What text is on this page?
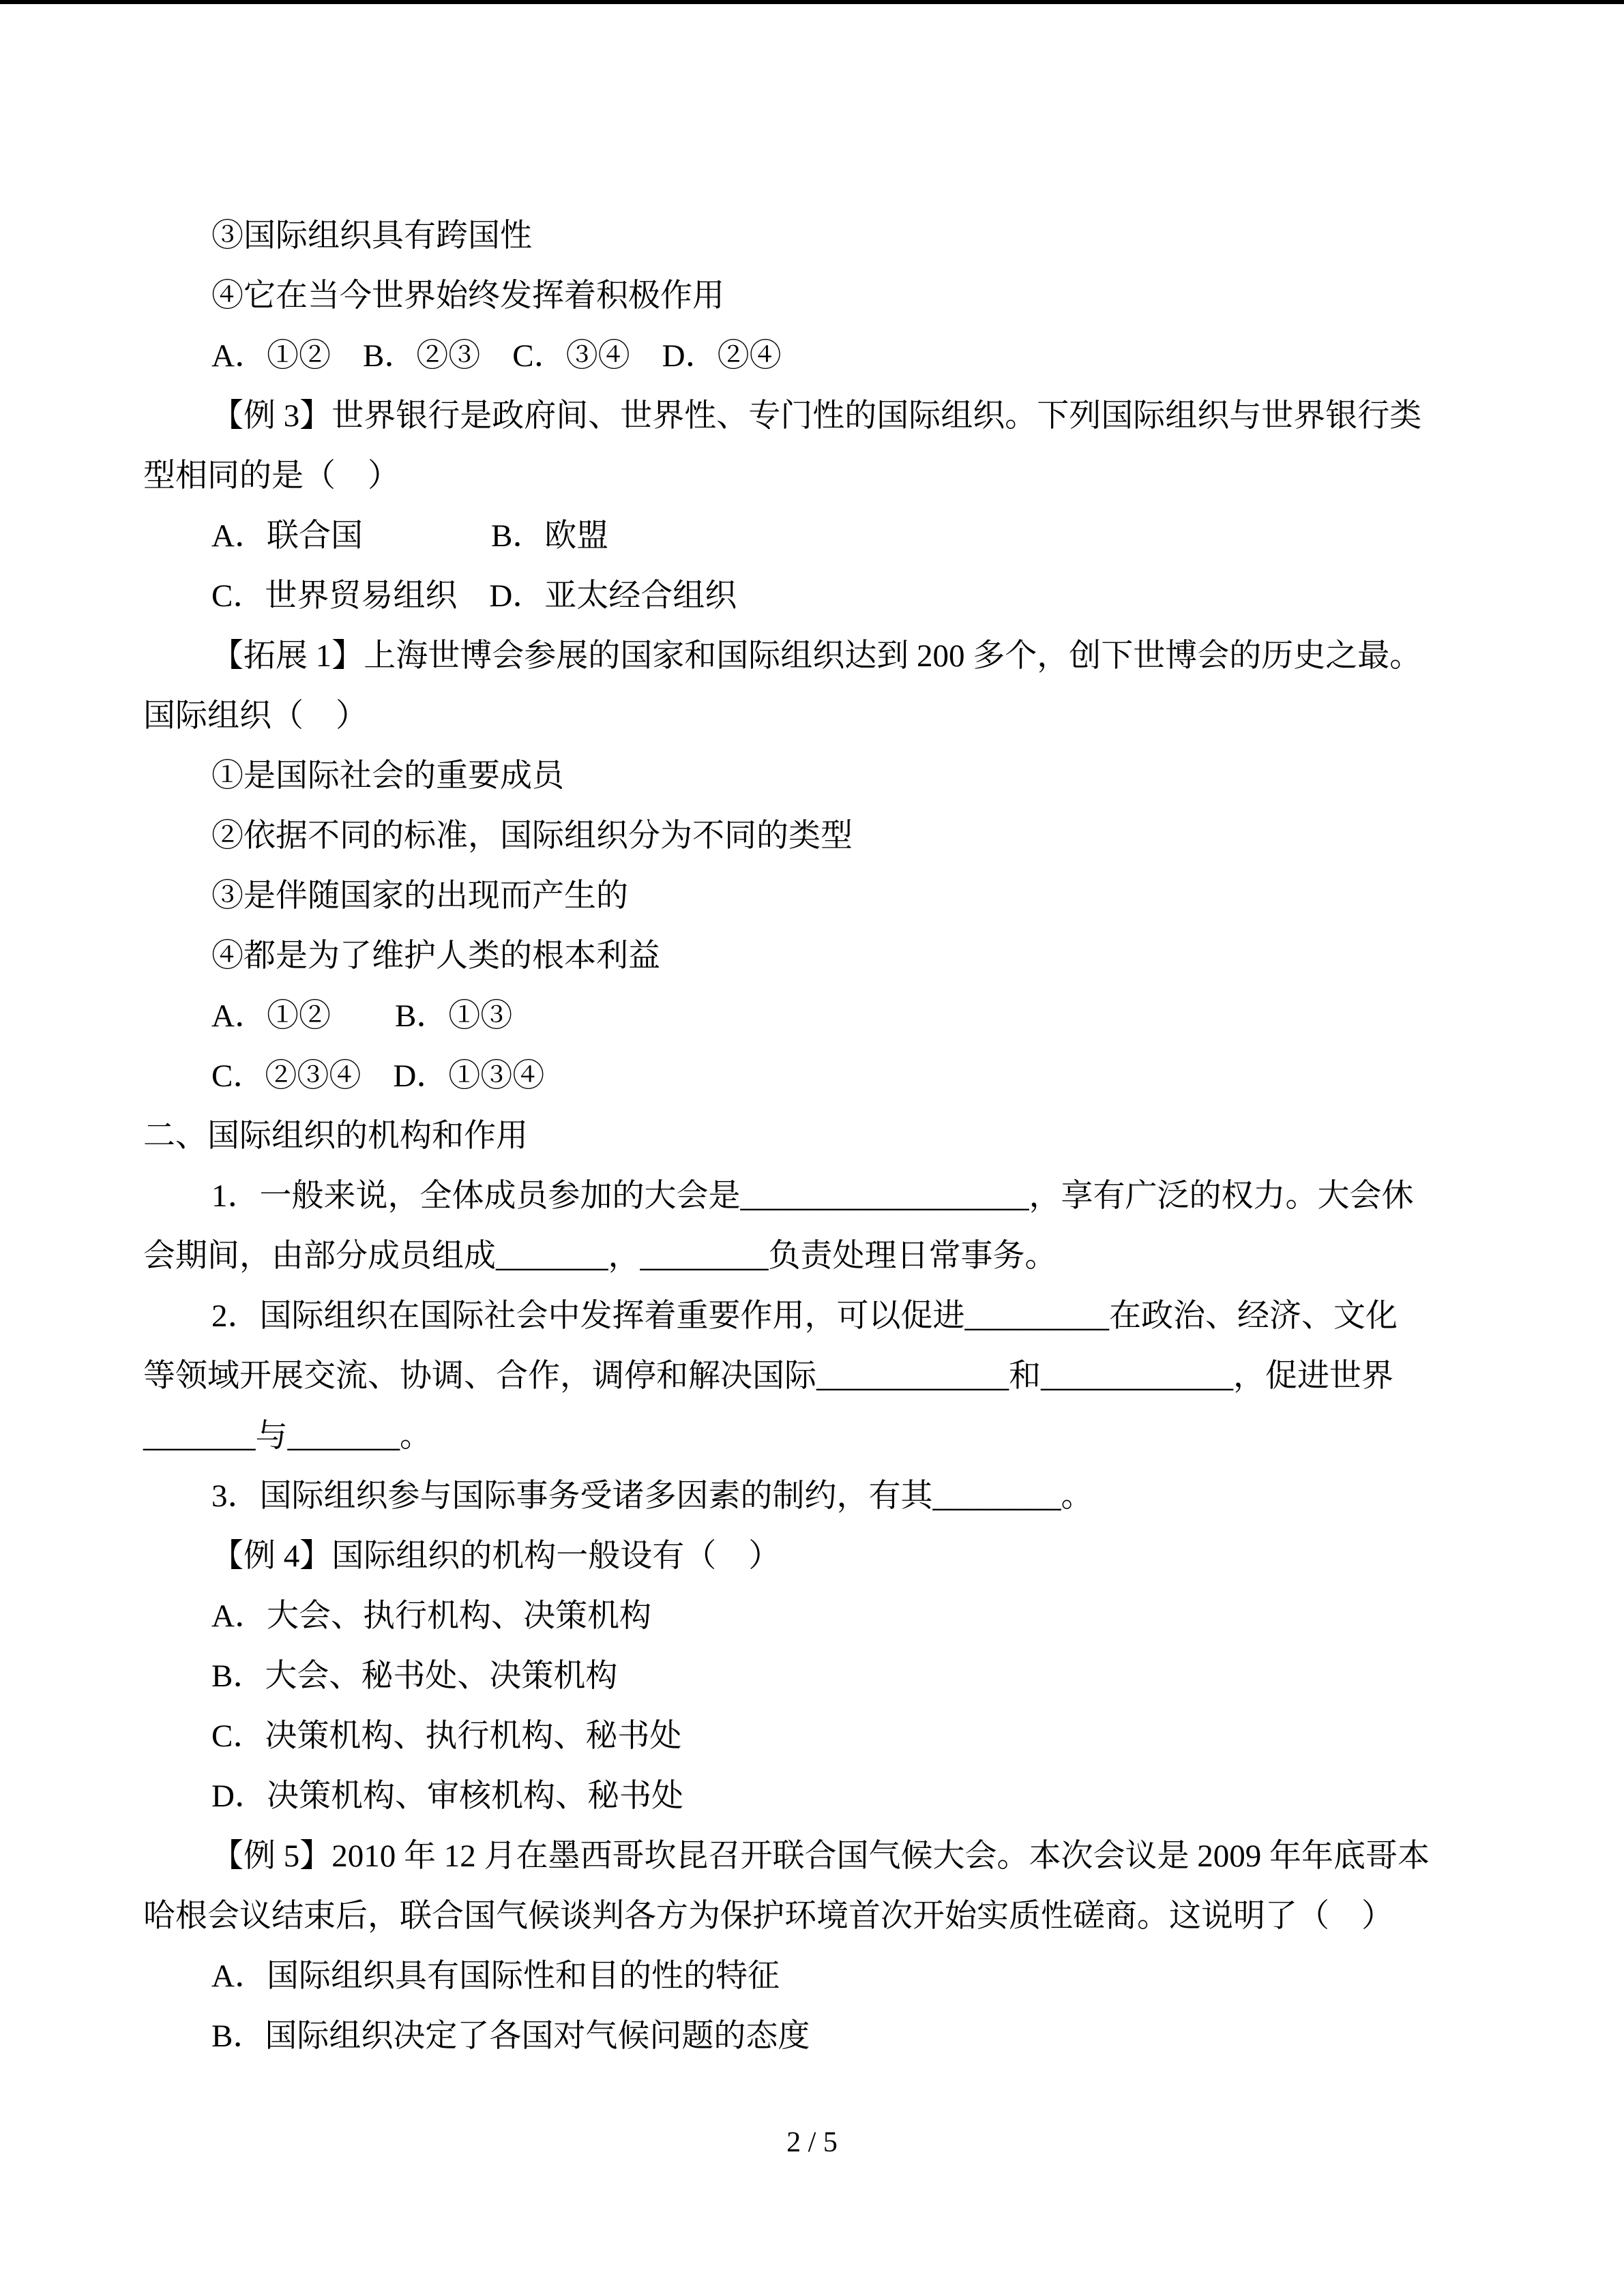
③国际组织具有跨国性
④它在当今世界始终发挥着积极作用
A．①②　B．②③　C．③④　D．②④
【例 3】世界银行是政府间、世界性、专门性的国际组织。下列国际组织与世界银行类
型相同的是（　）
A．联合国　　　　B．欧盟
C．世界贸易组织　D．亚太经合组织
【拓展 1】上海世博会参展的国家和国际组织达到 200 多个，创下世博会的历史之最。
国际组织（　）
①是国际社会的重要成员
②依据不同的标准，国际组织分为不同的类型
③是伴随国家的出现而产生的
④都是为了维护人类的根本利益
A．①②　　B．①③
C．②③④　D．①③④
二、国际组织的机构和作用
1．一般来说，全体成员参加的大会是__________________，享有广泛的权力。大会休
会期间，由部分成员组成_______，________负责处理日常事务。
2．国际组织在国际社会中发挥着重要作用，可以促进_________在政治、经济、文化
等领域开展交流、协调、合作，调停和解决国际____________和____________，促进世界
_______与_______。
3．国际组织参与国际事务受诸多因素的制约，有其________。
【例 4】国际组织的机构一般设有（　）
A．大会、执行机构、决策机构
B．大会、秘书处、决策机构
C．决策机构、执行机构、秘书处
D．决策机构、审核机构、秘书处
【例 5】2010 年 12 月在墨西哥坎昆召开联合国气候大会。本次会议是 2009 年年底哥本
哈根会议结束后，联合国气候谈判各方为保护环境首次开始实质性磋商。这说明了（　）
A．国际组织具有国际性和目的性的特征
B．国际组织决定了各国对气候问题的态度
2 / 5
